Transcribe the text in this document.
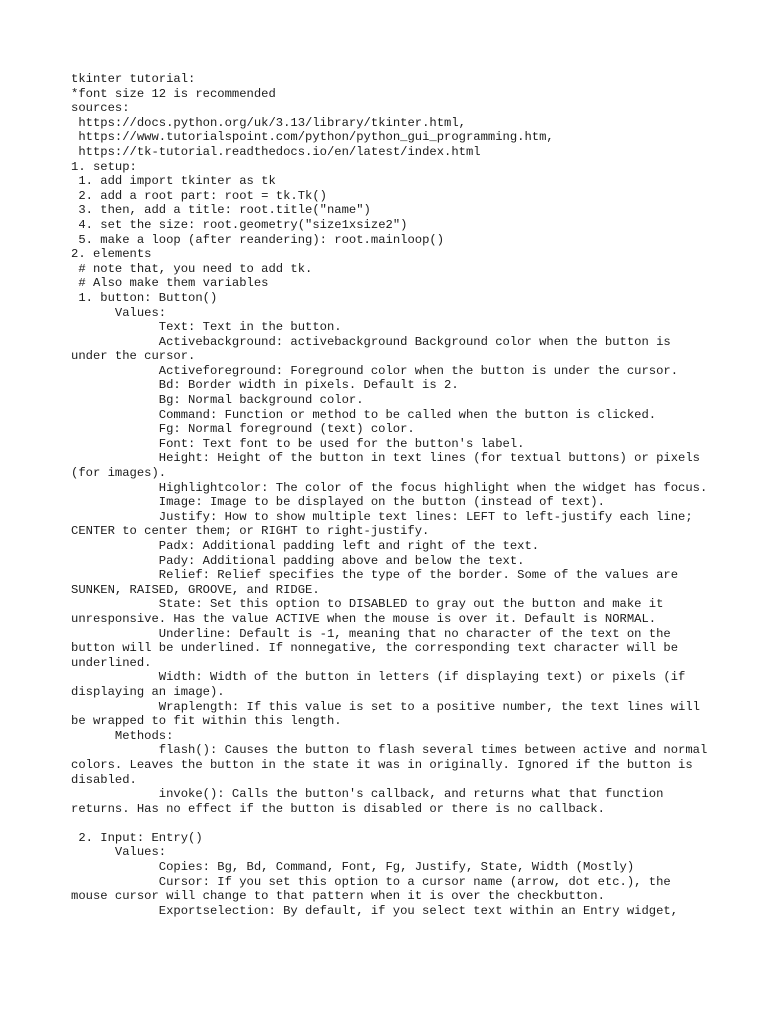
tkinter tutorial:
*font size 12 is recommended
sources:
https://docs.python.org/uk/3.13/library/tkinter.html,
https://www.tutorialspoint.com/python/python_gui_programming.htm,
https://tk-tutorial.readthedocs.io/en/latest/index.html
1. setup:
1. add import tkinter as tk
2. add a root part: root = tk.Tk()
3. then, add a title: root.title("name")
4. set the size: root.geometry("size1xsize2")
5. make a loop (after reandering): root.mainloop()
2. elements
# note that, you need to add tk.
# Also make them variables
1. button: Button()
Values:
Text: Text in the button.
Activebackground: activebackground Background color when the button is under the cursor.
Activeforeground: Foreground color when the button is under the cursor.
Bd: Border width in pixels. Default is 2.
Bg: Normal background color.
Command: Function or method to be called when the button is clicked.
Fg: Normal foreground (text) color.
Font: Text font to be used for the button's label.
Height: Height of the button in text lines (for textual buttons) or pixels (for images).
Highlightcolor: The color of the focus highlight when the widget has focus.
Image: Image to be displayed on the button (instead of text).
Justify: How to show multiple text lines: LEFT to left-justify each line; CENTER to center them; or RIGHT to right-justify.
Padx: Additional padding left and right of the text.
Pady: Additional padding above and below the text.
Relief: Relief specifies the type of the border. Some of the values are SUNKEN, RAISED, GROOVE, and RIDGE.
State: Set this option to DISABLED to gray out the button and make it unresponsive. Has the value ACTIVE when the mouse is over it. Default is NORMAL.
Underline: Default is -1, meaning that no character of the text on the button will be underlined. If nonnegative, the corresponding text character will be underlined.
Width: Width of the button in letters (if displaying text) or pixels (if displaying an image).
Wraplength: If this value is set to a positive number, the text lines will be wrapped to fit within this length.
Methods:
flash(): Causes the button to flash several times between active and normal colors. Leaves the button in the state it was in originally. Ignored if the button is disabled.
invoke(): Calls the button's callback, and returns what that function returns. Has no effect if the button is disabled or there is no callback.
2. Input: Entry()
Values:
Copies: Bg, Bd, Command, Font, Fg, Justify, State, Width (Mostly)
Cursor: If you set this option to a cursor name (arrow, dot etc.), the mouse cursor will change to that pattern when it is over the checkbutton.
Exportselection: By default, if you select text within an Entry widget,
